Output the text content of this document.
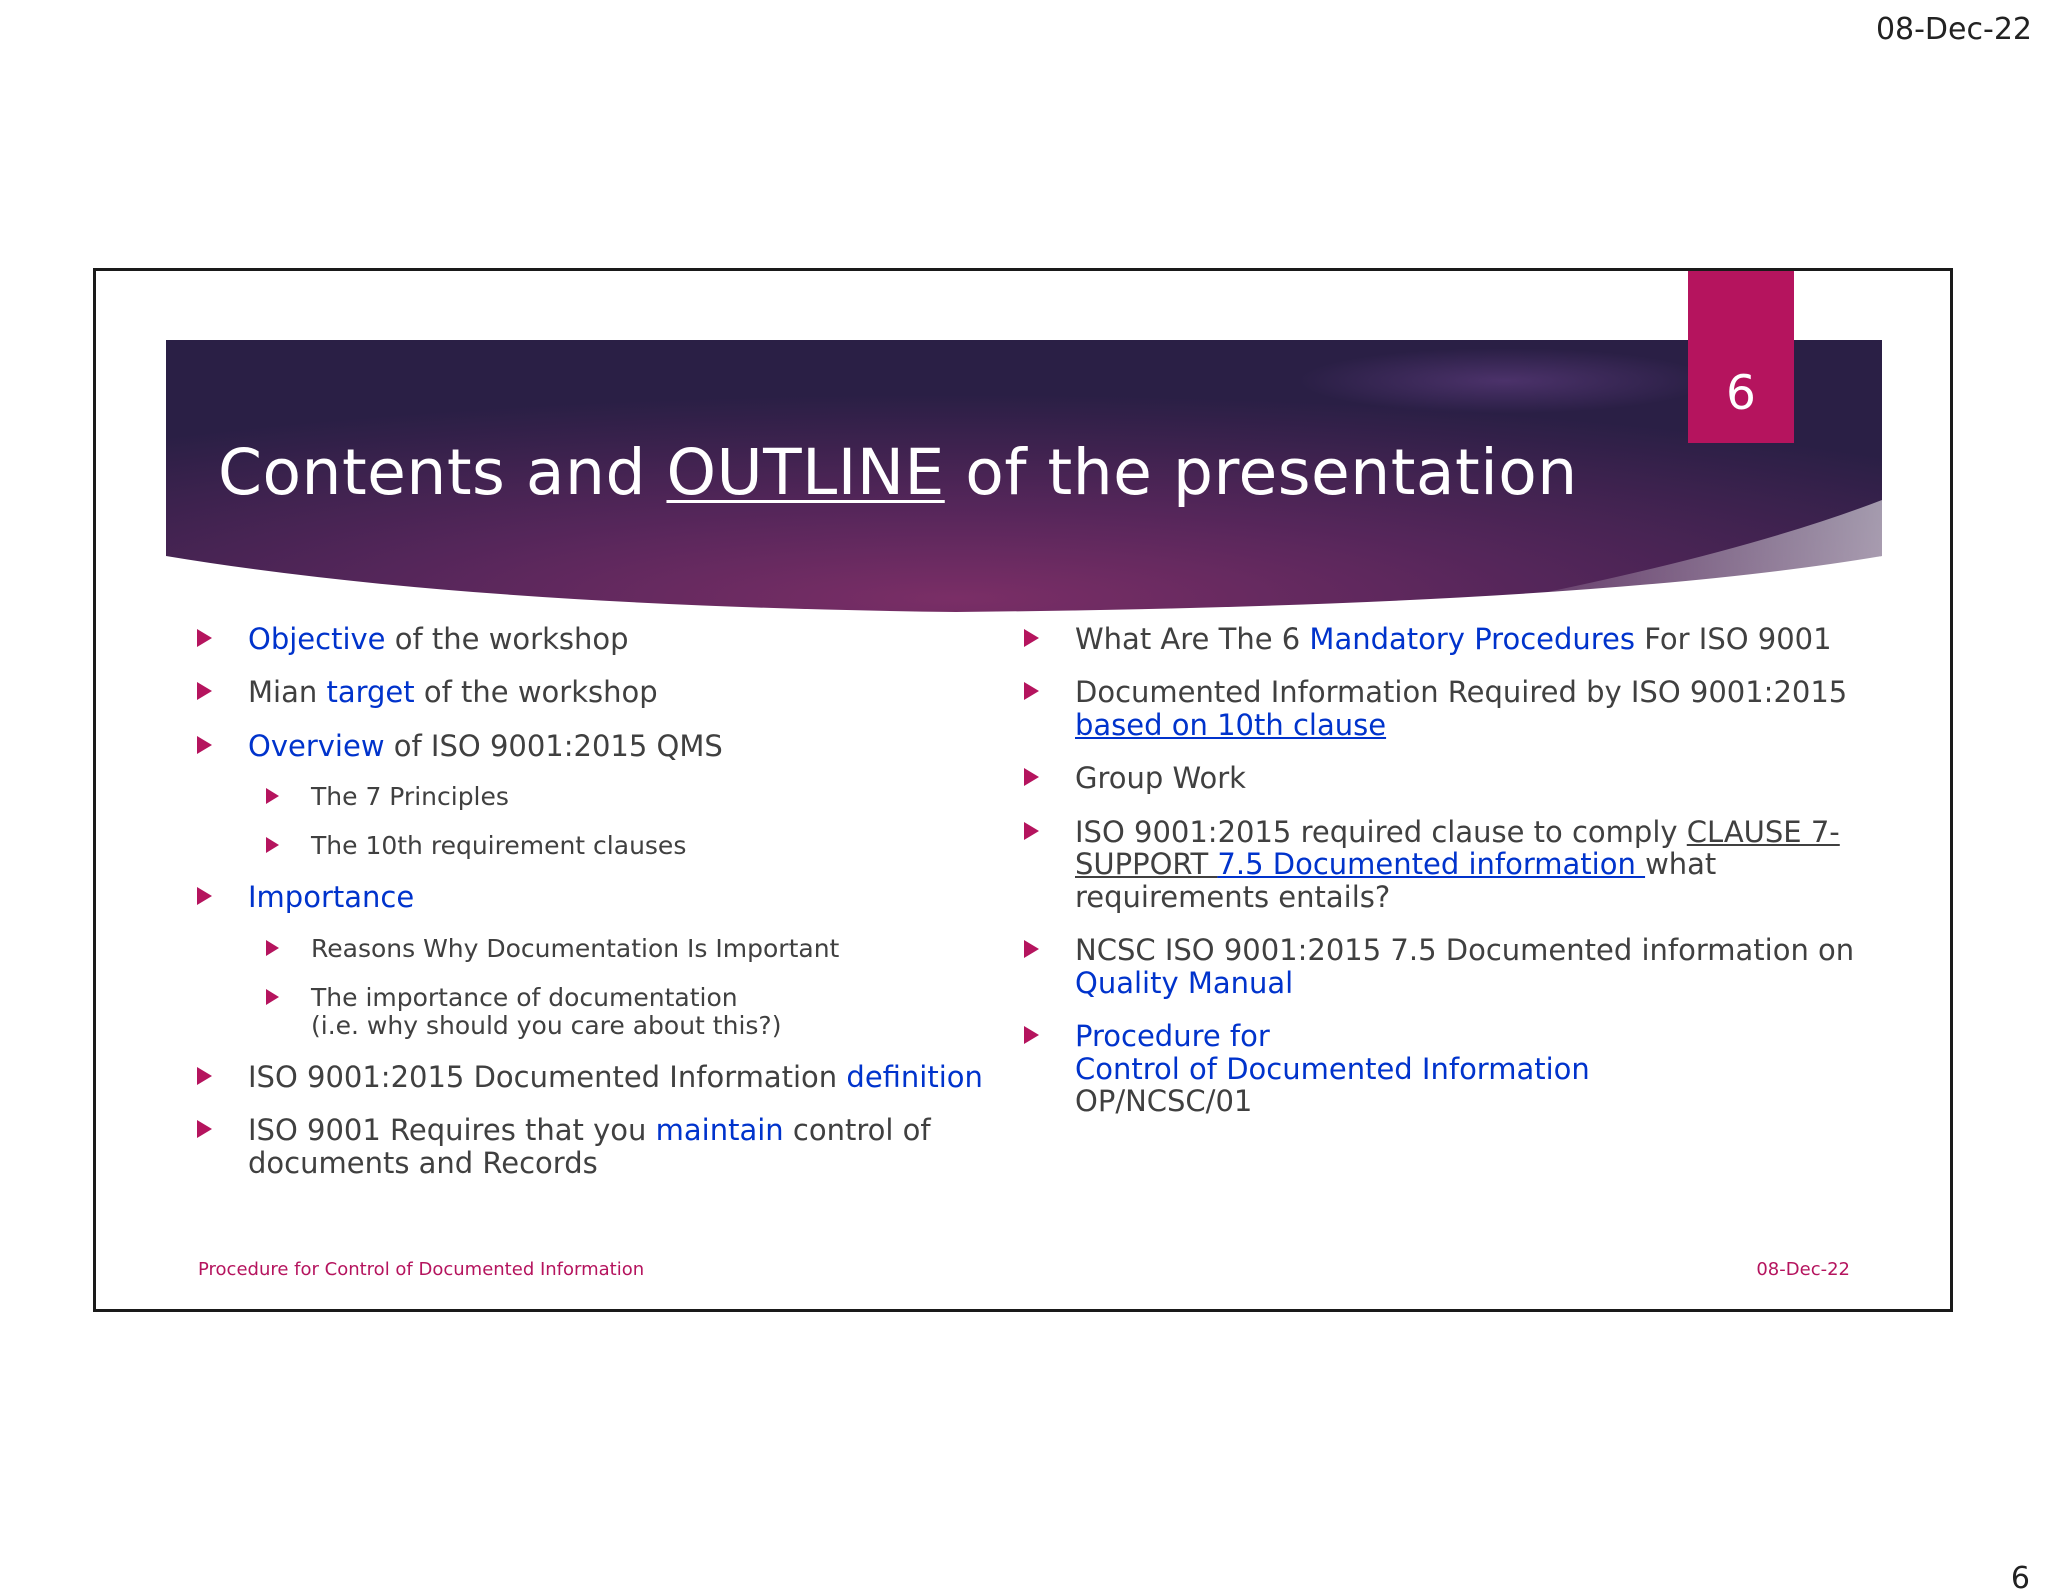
08-Dec-22
Contents and OUTLINE of the presentation
6
Objective of the workshop
Mian target of the workshop
Overview of ISO 9001:2015 QMS
The 7 Principles
The 10th requirement clauses
Importance
Reasons Why Documentation Is Important
The importance of documentation
(i.e. why should you care about this?)
ISO 9001:2015 Documented Information definition
ISO 9001 Requires that you maintain control of
documents and Records
What Are The 6 Mandatory Procedures For ISO 9001
Documented Information Required by ISO 9001:2015
based on 10th clause
Group Work
ISO 9001:2015 required clause to comply CLAUSE 7-
SUPPORT 7.5 Documented information what
requirements entails?
NCSC ISO 9001:2015 7.5 Documented information on
Quality Manual
Procedure for
Control of Documented Information
OP/NCSC/01
Procedure for Control of Documented Information	08-Dec-22
6
